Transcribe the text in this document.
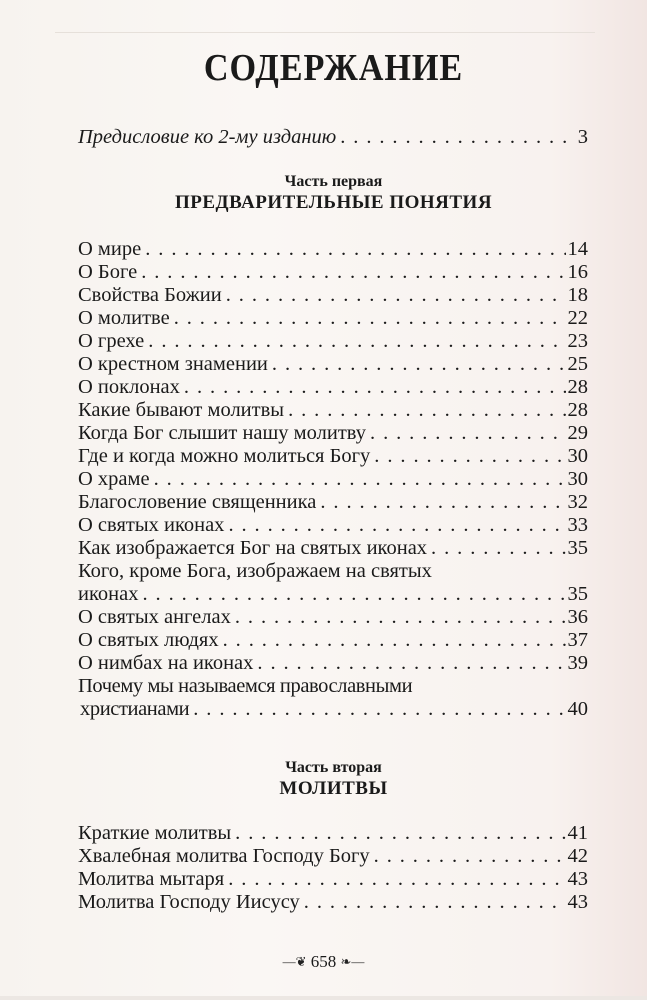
СОДЕРЖАНИЕ
Предисловие ко 2-му изданию . . .	3
Часть первая
ПРЕДВАРИТЕЛЬНЫЕ ПОНЯТИЯ
О мире . . .	14
О Боге . . .	16
Свойства Божии . . .	18
О молитве . . .	22
О грехе . . .	23
О крестном знамении . . .	25
О поклонах . . .	28
Какие бывают молитвы . . .	28
Когда Бог слышит нашу молитву . . .	29
Где и когда можно молиться Богу . . .	30
О храме . . .	30
Благословение священника . . .	32
О святых иконах . . .	33
Как изображается Бог на святых иконах . . .	35
Кого, кроме Бога, изображаем на святых
иконах . . .	35
О святых ангелах . . .	36
О святых людях . . .	37
О нимбах на иконах . . .	39
Почему мы называемся православными
христианами . . .	40
Часть вторая
МОЛИТВЫ
Краткие молитвы . . .	41
Хвалебная молитва Господу Богу . . .	42
Молитва мытаря . . .	43
Молитва Господу Иисусу . . .	43
—❦ 658 ❧—
